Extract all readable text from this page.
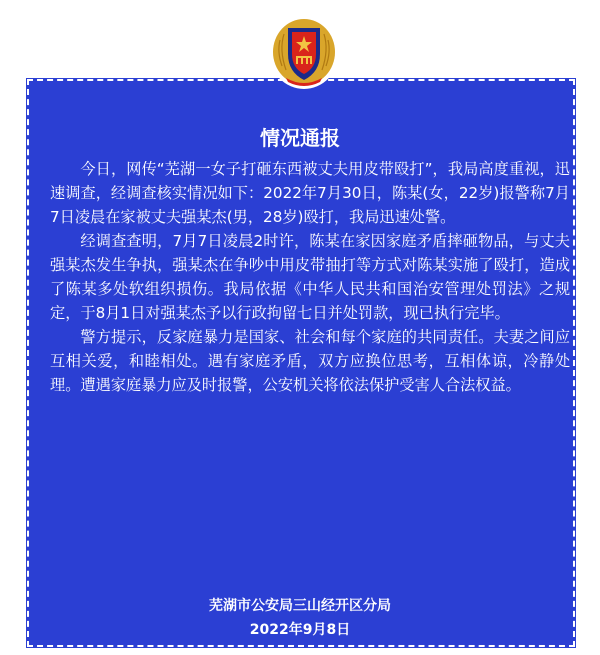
情况通报

今日，网传“芜湖一女子打砸东西被丈夫用皮带殴打”，我局高度重视，迅速调查，经调查核实情况如下：2022年7月30日，陈某(女，22岁)报警称7月7日凌晨在家被丈夫强某杰(男，28岁)殴打，我局迅速处警。

经调查查明，7月7日凌晨2时许，陈某在家因家庭矛盾摔砸物品，与丈夫强某杰发生争执，强某杰在争吵中用皮带抽打等方式对陈某实施了殴打，造成了陈某多处软组织损伤。我局依据《中华人民共和国治安管理处罚法》之规定，于8月1日对强某杰予以行政拘留七日并处罚款，现已执行完毕。

警方提示，反家庭暴力是国家、社会和每个家庭的共同责任。夫妻之间应互相关爱，和睦相处。遇有家庭矛盾，双方应换位思考，互相体谅，冷静处理。遭遇家庭暴力应及时报警，公安机关将依法保护受害人合法权益。

芜湖市公安局三山经开区分局
2022年9月8日
